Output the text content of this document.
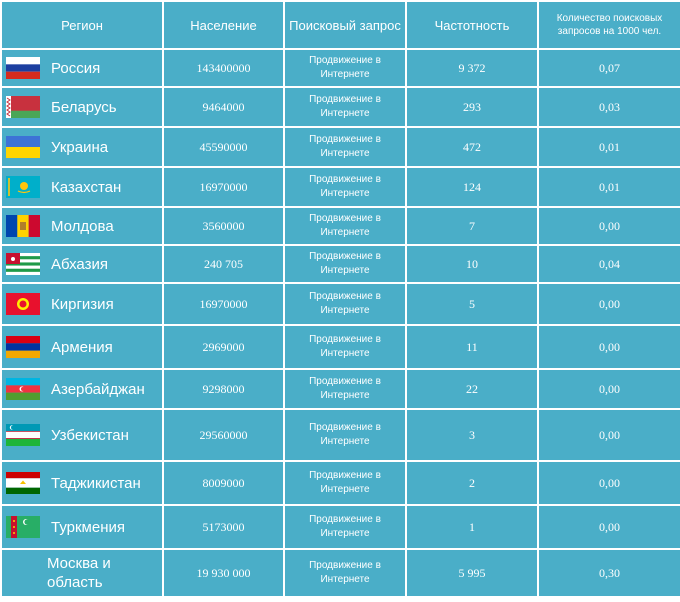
Регион	Население	Поисковый запрос	Частотность	Количество поисковых запросов на 1000 чел.

Россия	143400000	Продвижение в Интернете	9 372	0,07

Беларусь	9464000	Продвижение в Интернете	293	0,03

Украина	45590000	Продвижение в Интернете	472	0,01

Казахстан	16970000	Продвижение в Интернете	124	0,01

Молдова	3560000	Продвижение в Интернете	7	0,00

Абхазия	240 705	Продвижение в Интернете	10	0,04

Киргизия	16970000	Продвижение в Интернете	5	0,00

Армения	2969000	Продвижение в Интернете	11	0,00

Азербайджан	9298000	Продвижение в Интернете	22	0,00

Узбекистан	29560000	Продвижение в Интернете	3	0,00

Таджикистан	8009000	Продвижение в Интернете	2	0,00

Туркмения	5173000	Продвижение в Интернете	1	0,00

Москва и область	19 930 000	Продвижение в Интернете	5 995	0,30
